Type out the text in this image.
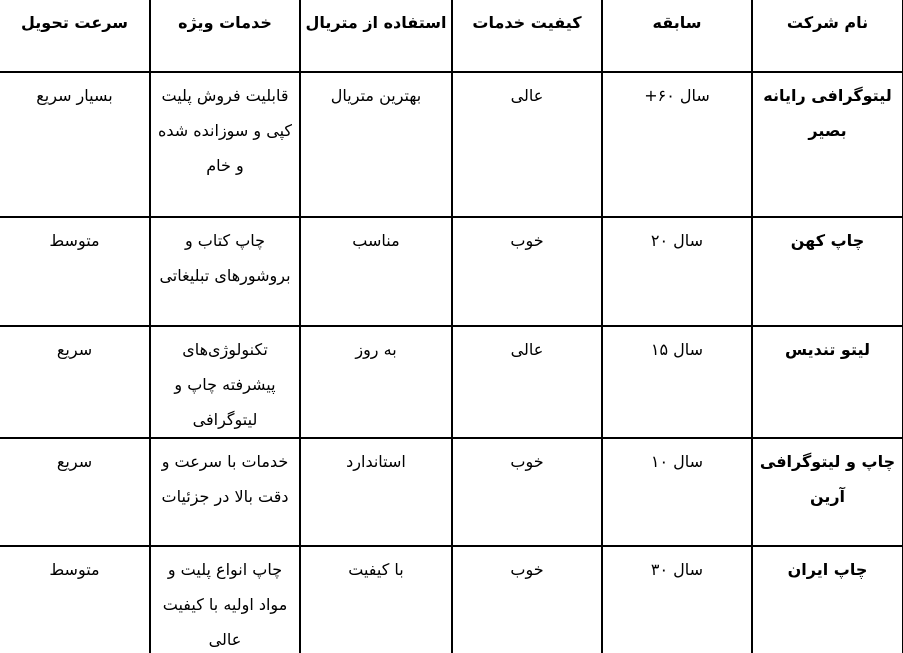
نام شرکت	سابقه	کیفیت خدمات	استفاده از متریال	خدمات ویژه	سرعت تحویل
لیتوگرافی رایانه بصیر	سال ۶۰+	عالی	بهترین متریال	قابلیت فروش پلیت کپی و سوزانده شده و خام	بسیار سریع
چاپ کهن	سال ۲۰	خوب	مناسب	چاپ کتاب و بروشورهای تبلیغاتی	متوسط
لیتو تندیس	سال ۱۵	عالی	به روز	تکنولوژی‌های پیشرفته چاپ و لیتوگرافی	سریع
چاپ و لیتوگرافی آرین	سال ۱۰	خوب	استاندارد	خدمات با سرعت و دقت بالا در جزئیات	سریع
چاپ ایران	سال ۳۰	خوب	با کیفیت	چاپ انواع پلیت و مواد اولیه با کیفیت عالی	متوسط
